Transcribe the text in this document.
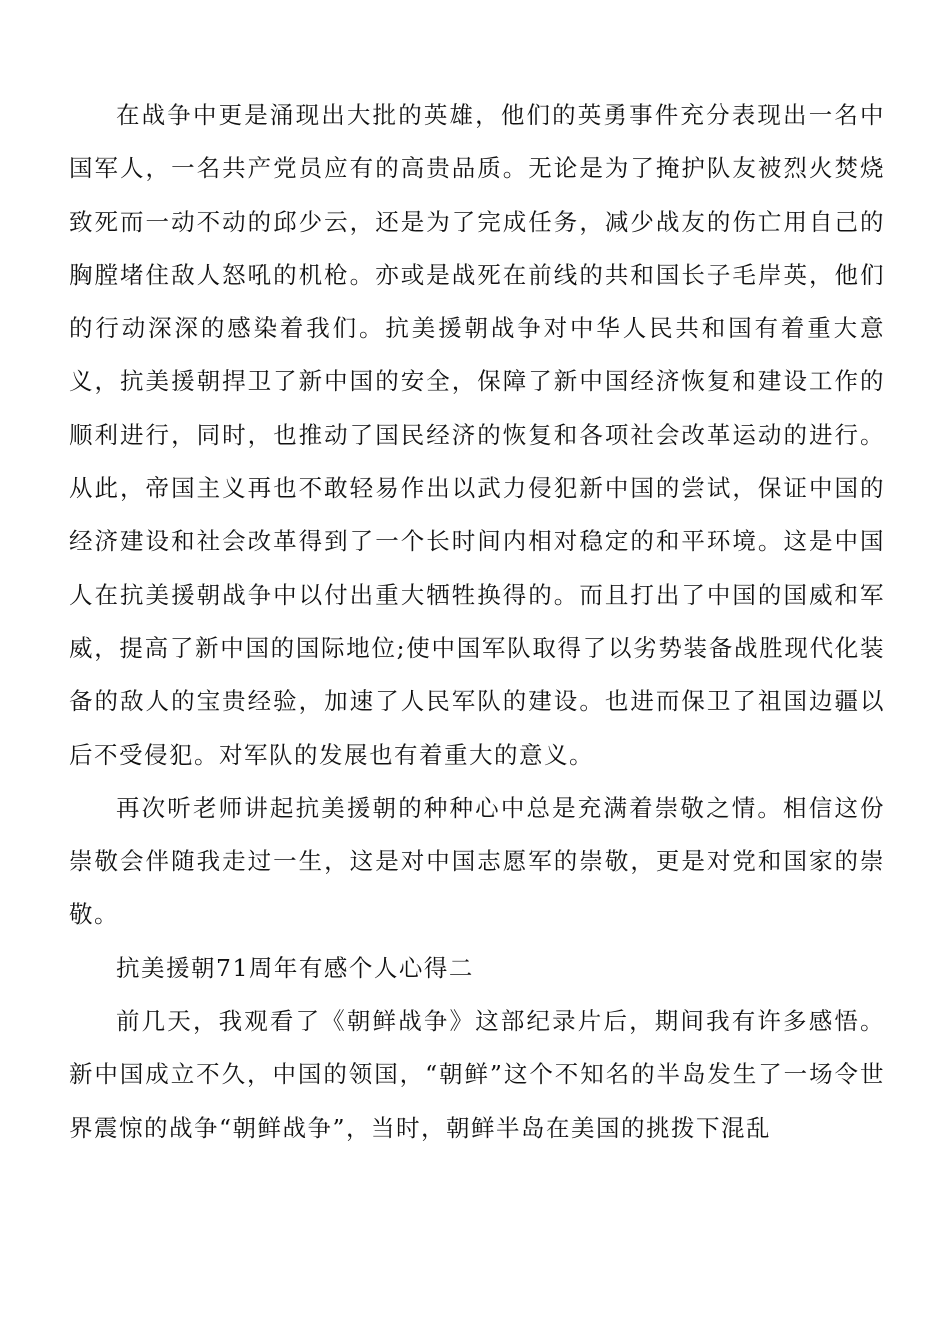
在战争中更是涌现出大批的英雄，他们的英勇事件充分表现出一名中国军人，一名共产党员应有的高贵品质。无论是为了掩护队友被烈火焚烧致死而一动不动的邱少云，还是为了完成任务，减少战友的伤亡用自己的胸膛堵住敌人怒吼的机枪。亦或是战死在前线的共和国长子毛岸英，他们的行动深深的感染着我们。抗美援朝战争对中华人民共和国有着重大意义，抗美援朝捍卫了新中国的安全，保障了新中国经济恢复和建设工作的顺利进行，同时，也推动了国民经济的恢复和各项社会改革运动的进行。从此，帝国主义再也不敢轻易作出以武力侵犯新中国的尝试，保证中国的经济建设和社会改革得到了一个长时间内相对稳定的和平环境。这是中国人在抗美援朝战争中以付出重大牺牲换得的。而且打出了中国的国威和军威，提高了新中国的国际地位;使中国军队取得了以劣势装备战胜现代化装备的敌人的宝贵经验，加速了人民军队的建设。也进而保卫了祖国边疆以后不受侵犯。对军队的发展也有着重大的意义。

再次听老师讲起抗美援朝的种种心中总是充满着崇敬之情。相信这份崇敬会伴随我走过一生，这是对中国志愿军的崇敬，更是对党和国家的崇敬。

抗美援朝71周年有感个人心得二

前几天，我观看了《朝鲜战争》这部纪录片后，期间我有许多感悟。新中国成立不久，中国的领国，“朝鲜”这个不知名的半岛发生了一场令世界震惊的战争“朝鲜战争”，当时，朝鲜半岛在美国的挑拨下混乱
